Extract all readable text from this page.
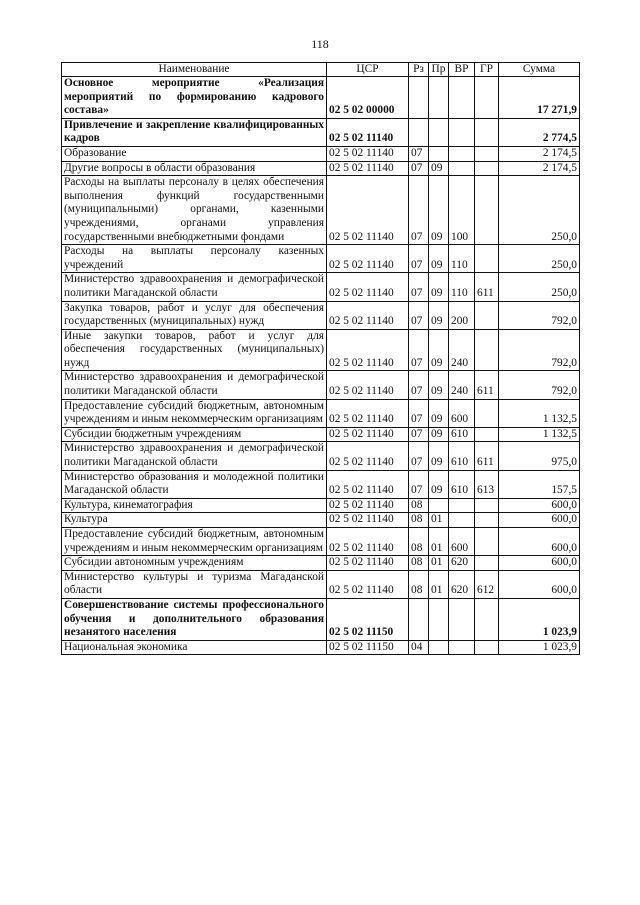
118
Наименование	ЦСР	Рз	Пр	ВР	ГР	Сумма
Основное мероприятие «Реализация мероприятий по формированию кадрового состава»	02 5 02 00000					17 271,9
Привлечение и закрепление квалифицированных кадров	02 5 02 11140					2 774,5
Образование	02 5 02 11140	07				2 174,5
Другие вопросы в области образования	02 5 02 11140	07	09			2 174,5
Расходы на выплаты персоналу в целях обеспечения выполнения функций государственными (муниципальными) органами, казенными учреждениями, органами управления государственными внебюджетными фондами	02 5 02 11140	07	09	100		250,0
Расходы на выплаты персоналу казенных учреждений	02 5 02 11140	07	09	110		250,0
Министерство здравоохранения и демографической политики Магаданской области	02 5 02 11140	07	09	110	611	250,0
Закупка товаров, работ и услуг для обеспечения государственных (муниципальных) нужд	02 5 02 11140	07	09	200		792,0
Иные закупки товаров, работ и услуг для обеспечения государственных (муниципальных) нужд	02 5 02 11140	07	09	240		792,0
Министерство здравоохранения и демографической политики Магаданской области	02 5 02 11140	07	09	240	611	792,0
Предоставление субсидий бюджетным, автономным учреждениям и иным некоммерческим организациям	02 5 02 11140	07	09	600		1 132,5
Субсидии бюджетным учреждениям	02 5 02 11140	07	09	610		1 132,5
Министерство здравоохранения и демографической политики Магаданской области	02 5 02 11140	07	09	610	611	975,0
Министерство образования и молодежной политики Магаданской области	02 5 02 11140	07	09	610	613	157,5
Культура, кинематография	02 5 02 11140	08				600,0
Культура	02 5 02 11140	08	01			600,0
Предоставление субсидий бюджетным, автономным учреждениям и иным некоммерческим организациям	02 5 02 11140	08	01	600		600,0
Субсидии автономным учреждениям	02 5 02 11140	08	01	620		600,0
Министерство культуры и туризма Магаданской области	02 5 02 11140	08	01	620	612	600,0
Совершенствование системы профессионального обучения и дополнительного образования незанятого населения	02 5 02 11150					1 023,9
Национальная экономика	02 5 02 11150	04				1 023,9
